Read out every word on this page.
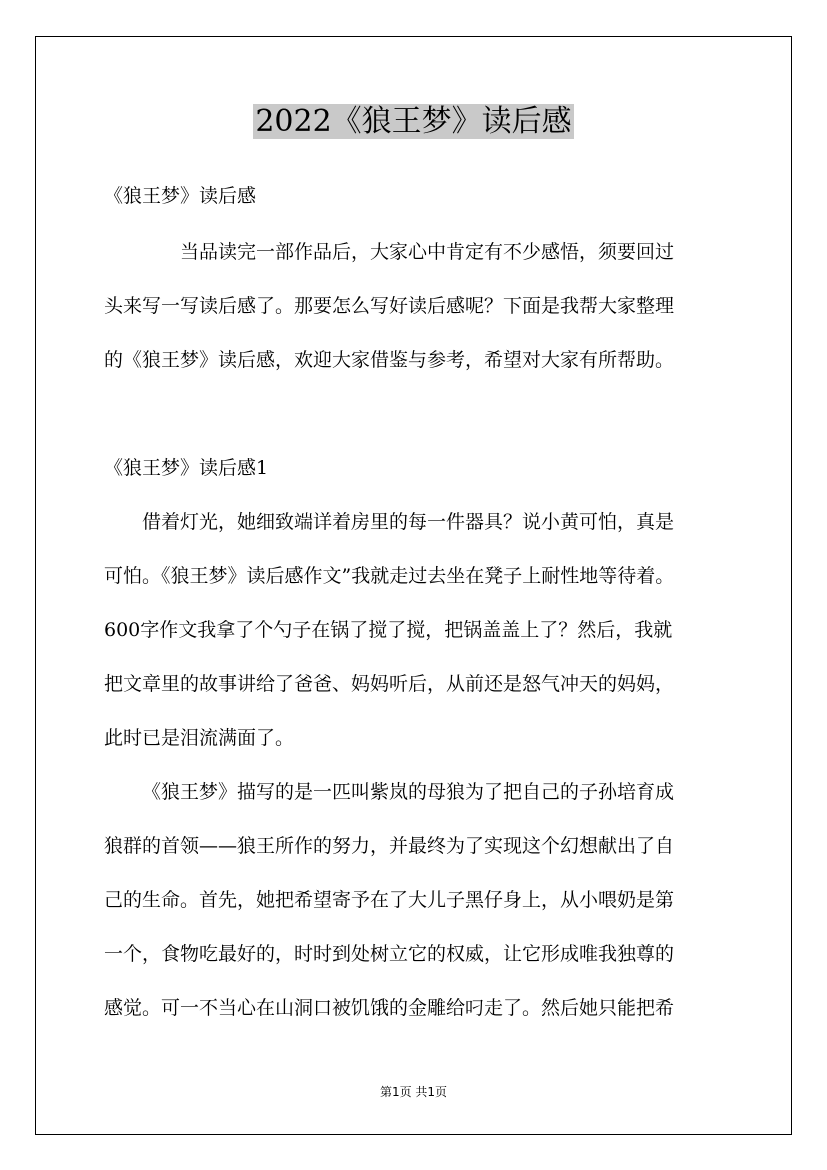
2022《狼王梦》读后感
《狼王梦》读后感
当品读完一部作品后，大家心中肯定有不少感悟，须要回过
头来写一写读后感了。那要怎么写好读后感呢？下面是我帮大家整理
的《狼王梦》读后感，欢迎大家借鉴与参考，希望对大家有所帮助。
《狼王梦》读后感1
借着灯光，她细致端详着房里的每一件器具？说小黄可怕，真是
可怕。《狼王梦》读后感作文”我就走过去坐在凳子上耐性地等待着。
600字作文我拿了个勺子在锅了搅了搅，把锅盖盖上了？然后，我就
把文章里的故事讲给了爸爸、妈妈听后，从前还是怒气冲天的妈妈，
此时已是泪流满面了。
《狼王梦》描写的是一匹叫紫岚的母狼为了把自己的子孙培育成
狼群的首领——狼王所作的努力，并最终为了实现这个幻想献出了自
己的生命。首先，她把希望寄予在了大儿子黑仔身上，从小喂奶是第
一个，食物吃最好的，时时到处树立它的权威，让它形成唯我独尊的
感觉。可一不当心在山洞口被饥饿的金雕给叼走了。然后她只能把希
第1页 共1页
